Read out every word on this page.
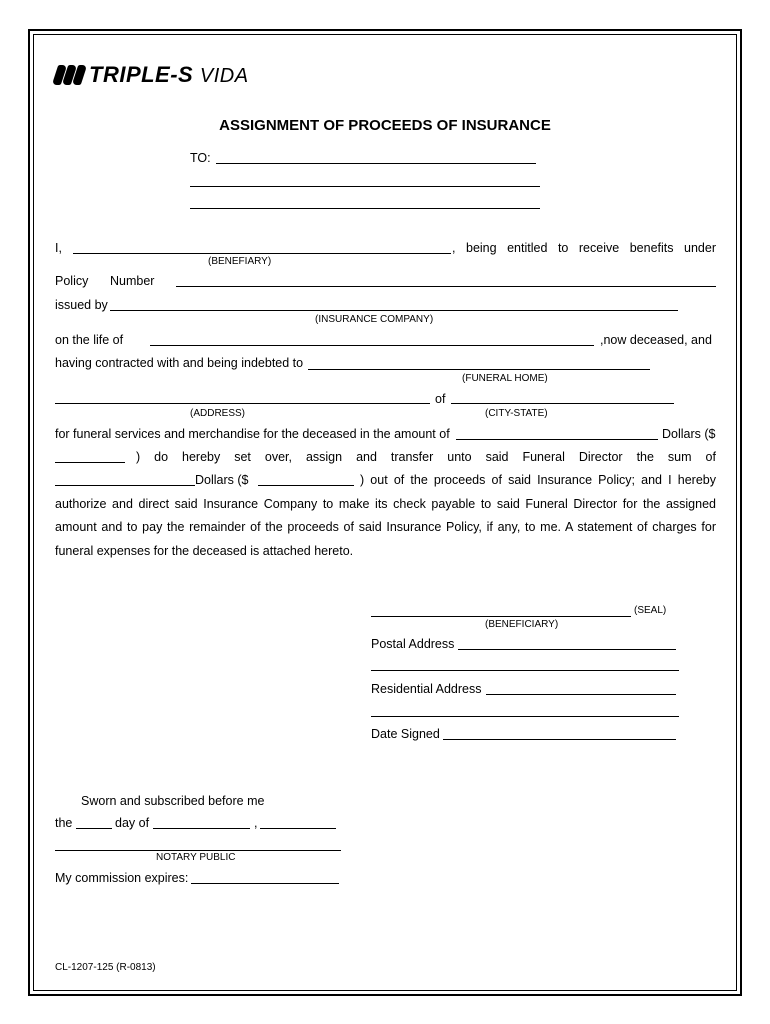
TRIPLE-S VIDA
ASSIGNMENT OF PROCEEDS OF INSURANCE
TO:
I,	, being entitled to receive benefits under
(BENEFIARY)
Policy Number
issued by
(INSURANCE COMPANY)
on the life of	,now deceased, and
having contracted with and being indebted to
(FUNERAL HOME)
of
(ADDRESS)	(CITY-STATE)
for funeral services and merchandise for the deceased in the amount of	Dollars ($
) do hereby set over, assign and transfer unto said Funeral Director the sum of
Dollars ($	) out of the proceeds of said Insurance Policy; and I hereby
authorize and direct said Insurance Company to make its check payable to said Funeral Director for the assigned
amount and to pay the remainder of the proceeds of said Insurance Policy, if any, to me. A statement of charges for
funeral expenses for the deceased is attached hereto.
(SEAL)
(BENEFICIARY)
Postal Address
Residential Address
Date Signed
Sworn and subscribed before me
the	day of	,
NOTARY PUBLIC
My commission expires:
CL-1207-125 (R-0813)
